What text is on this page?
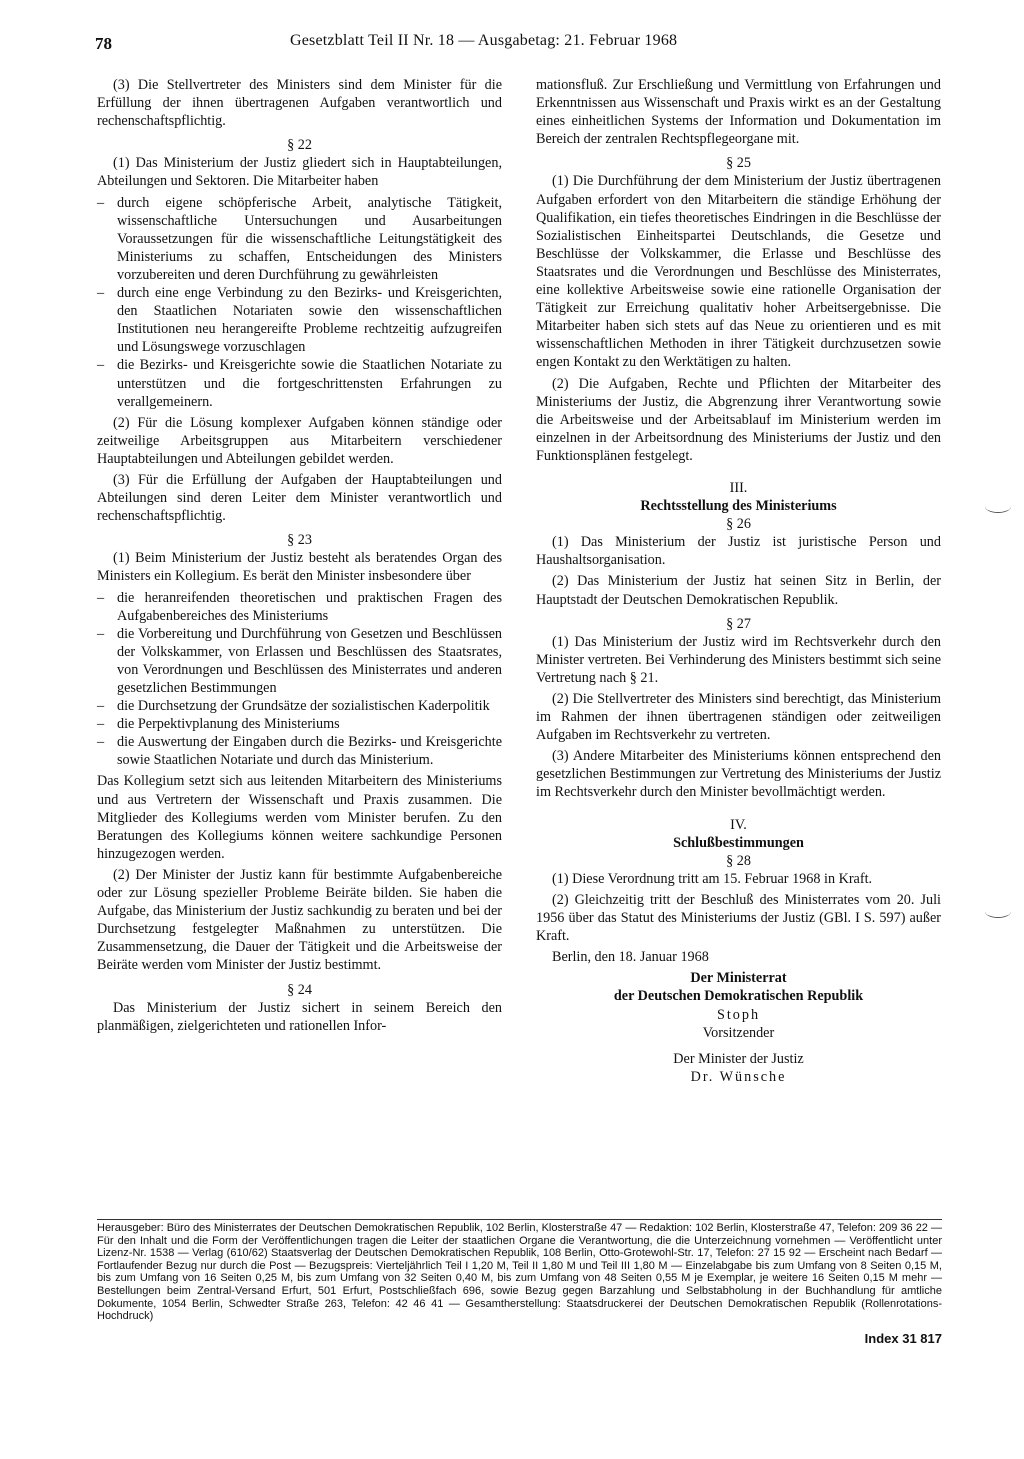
78	Gesetzblatt Teil II Nr. 18 — Ausgabetag: 21. Februar 1968

(3) Die Stellvertreter des Ministers sind dem Minister für die Erfüllung der ihnen übertragenen Aufgaben verantwortlich und rechenschaftspflichtig.

§ 22

(1) Das Ministerium der Justiz gliedert sich in Hauptabteilungen, Abteilungen und Sektoren. Die Mitarbeiter haben

– durch eigene schöpferische Arbeit, analytische Tätigkeit, wissenschaftliche Untersuchungen und Ausarbeitungen Voraussetzungen für die wissenschaftliche Leitungstätigkeit des Ministeriums zu schaffen, Entscheidungen des Ministers vorzubereiten und deren Durchführung zu gewährleisten
– durch eine enge Verbindung zu den Bezirks- und Kreisgerichten, den Staatlichen Notariaten sowie den wissenschaftlichen Institutionen neu herangereifte Probleme rechtzeitig aufzugreifen und Lösungswege vorzuschlagen
– die Bezirks- und Kreisgerichte sowie die Staatlichen Notariate zu unterstützen und die fortgeschrittensten Erfahrungen zu verallgemeinern.

(2) Für die Lösung komplexer Aufgaben können ständige oder zeitweilige Arbeitsgruppen aus Mitarbeitern verschiedener Hauptabteilungen und Abteilungen gebildet werden.

(3) Für die Erfüllung der Aufgaben der Hauptabteilungen und Abteilungen sind deren Leiter dem Minister verantwortlich und rechenschaftspflichtig.

§ 23

(1) Beim Ministerium der Justiz besteht als beratendes Organ des Ministers ein Kollegium. Es berät den Minister insbesondere über

– die heranreifenden theoretischen und praktischen Fragen des Aufgabenbereiches des Ministeriums
– die Vorbereitung und Durchführung von Gesetzen und Beschlüssen der Volkskammer, von Erlassen und Beschlüssen des Staatsrates, von Verordnungen und Beschlüssen des Ministerrates und anderen gesetzlichen Bestimmungen
– die Durchsetzung der Grundsätze der sozialistischen Kaderpolitik
– die Perpektivplanung des Ministeriums
– die Auswertung der Eingaben durch die Bezirks- und Kreisgerichte sowie Staatlichen Notariate und durch das Ministerium.

Das Kollegium setzt sich aus leitenden Mitarbeitern des Ministeriums und aus Vertretern der Wissenschaft und Praxis zusammen. Die Mitglieder des Kollegiums werden vom Minister berufen. Zu den Beratungen des Kollegiums können weitere sachkundige Personen hinzugezogen werden.

(2) Der Minister der Justiz kann für bestimmte Aufgabenbereiche oder zur Lösung spezieller Probleme Beiräte bilden. Sie haben die Aufgabe, das Ministerium der Justiz sachkundig zu beraten und bei der Durchsetzung festgelegter Maßnahmen zu unterstützen. Die Zusammensetzung, die Dauer der Tätigkeit und die Arbeitsweise der Beiräte werden vom Minister der Justiz bestimmt.

§ 24

Das Ministerium der Justiz sichert in seinem Bereich den planmäßigen, zielgerichteten und rationellen Infor-

mationsfluß. Zur Erschließung und Vermittlung von Erfahrungen und Erkenntnissen aus Wissenschaft und Praxis wirkt es an der Gestaltung eines einheitlichen Systems der Information und Dokumentation im Bereich der zentralen Rechtspflegeorgane mit.

§ 25

(1) Die Durchführung der dem Ministerium der Justiz übertragenen Aufgaben erfordert von den Mitarbeitern die ständige Erhöhung der Qualifikation, ein tiefes theoretisches Eindringen in die Beschlüsse der Sozialistischen Einheitspartei Deutschlands, die Gesetze und Beschlüsse der Volkskammer, die Erlasse und Beschlüsse des Staatsrates und die Verordnungen und Beschlüsse des Ministerrates, eine kollektive Arbeitsweise sowie eine rationelle Organisation der Tätigkeit zur Erreichung qualitativ hoher Arbeitsergebnisse. Die Mitarbeiter haben sich stets auf das Neue zu orientieren und es mit wissenschaftlichen Methoden in ihrer Tätigkeit durchzusetzen sowie engen Kontakt zu den Werktätigen zu halten.

(2) Die Aufgaben, Rechte und Pflichten der Mitarbeiter des Ministeriums der Justiz, die Abgrenzung ihrer Verantwortung sowie die Arbeitsweise und der Arbeitsablauf im Ministerium werden im einzelnen in der Arbeitsordnung des Ministeriums der Justiz und den Funktionsplänen festgelegt.

III.

Rechtsstellung des Ministeriums

§ 26

(1) Das Ministerium der Justiz ist juristische Person und Haushaltsorganisation.

(2) Das Ministerium der Justiz hat seinen Sitz in Berlin, der Hauptstadt der Deutschen Demokratischen Republik.

§ 27

(1) Das Ministerium der Justiz wird im Rechtsverkehr durch den Minister vertreten. Bei Verhinderung des Ministers bestimmt sich seine Vertretung nach § 21.

(2) Die Stellvertreter des Ministers sind berechtigt, das Ministerium im Rahmen der ihnen übertragenen ständigen oder zeitweiligen Aufgaben im Rechtsverkehr zu vertreten.

(3) Andere Mitarbeiter des Ministeriums können entsprechend den gesetzlichen Bestimmungen zur Vertretung des Ministeriums der Justiz im Rechtsverkehr durch den Minister bevollmächtigt werden.

IV.

Schlußbestimmungen

§ 28

(1) Diese Verordnung tritt am 15. Februar 1968 in Kraft.

(2) Gleichzeitig tritt der Beschluß des Ministerrates vom 20. Juli 1956 über das Statut des Ministeriums der Justiz (GBl. I S. 597) außer Kraft.

Berlin, den 18. Januar 1968

Der Ministerrat

der Deutschen Demokratischen Republik

Stoph

Vorsitzender

Der Minister der Justiz

Dr. Wünsche

Herausgeber: Büro des Ministerrates der Deutschen Demokratischen Republik, 102 Berlin, Klosterstraße 47 — Redaktion: 102 Berlin, Klosterstraße 47, Telefon: 209 36 22 — Für den Inhalt und die Form der Veröffentlichungen tragen die Leiter der staatlichen Organe die Verantwortung, die die Unterzeichnung vornehmen — Veröffentlicht unter Lizenz-Nr. 1538 — Verlag (610/62) Staatsverlag der Deutschen Demokratischen Republik, 108 Berlin, Otto-Grotewohl-Str. 17, Telefon: 27 15 92 — Erscheint nach Bedarf — Fortlaufender Bezug nur durch die Post — Bezugspreis: Vierteljährlich Teil I 1,20 M, Teil II 1,80 M und Teil III 1,80 M — Einzelabgabe bis zum Umfang von 8 Seiten 0,15 M, bis zum Umfang von 16 Seiten 0,25 M, bis zum Umfang von 32 Seiten 0,40 M, bis zum Umfang von 48 Seiten 0,55 M je Exemplar, je weitere 16 Seiten 0,15 M mehr — Bestellungen beim Zentral-Versand Erfurt, 501 Erfurt, Postschließfach 696, sowie Bezug gegen Barzahlung und Selbstabholung in der Buchhandlung für amtliche Dokumente, 1054 Berlin, Schwedter Straße 263, Telefon: 42 46 41 — Gesamtherstellung: Staatsdruckerei der Deutschen Demokratischen Republik (Rollenrotations-Hochdruck)
Index 31 817
